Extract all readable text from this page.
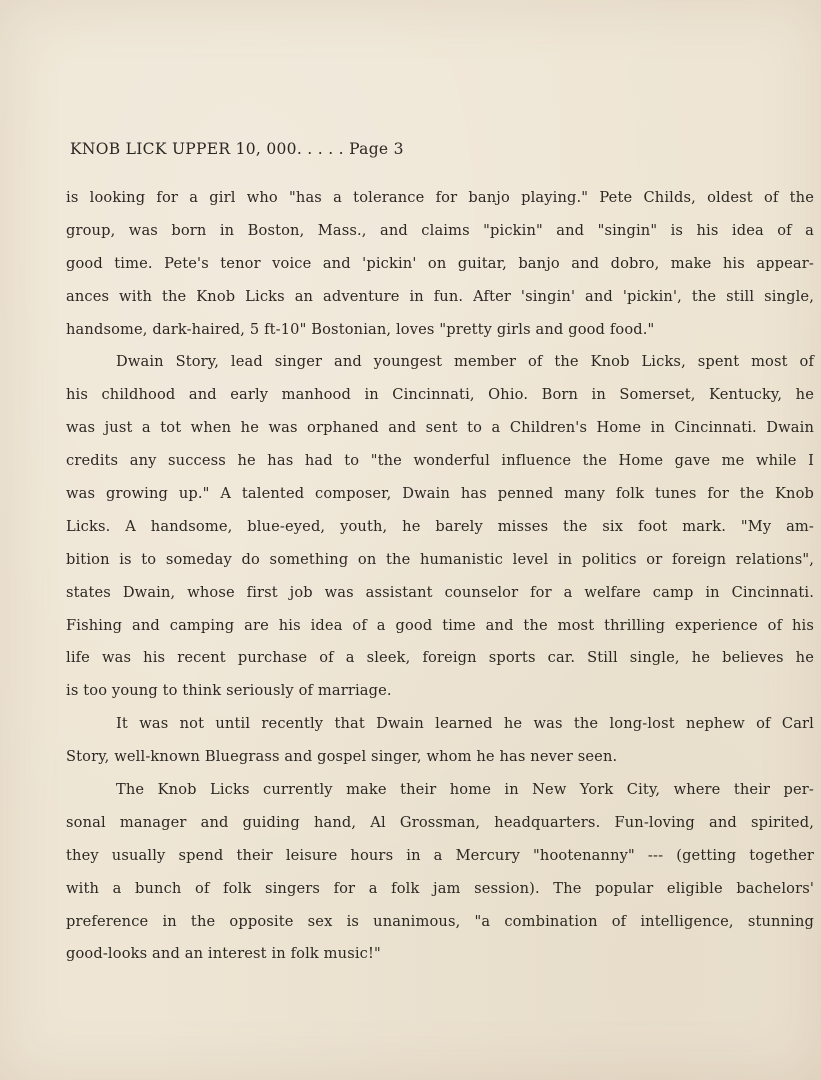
KNOB LICK UPPER 10, 000. . . . . Page 3
is looking for a girl who "has a tolerance for banjo playing." Pete Childs, oldest of the
group, was born in Boston, Mass., and claims "pickin" and "singin" is his idea of a
good time. Pete's tenor voice and 'pickin' on guitar, banjo and dobro, make his appear-
ances with the Knob Licks an adventure in fun. After 'singin' and 'pickin', the still single,
handsome, dark-haired, 5 ft-10" Bostonian, loves "pretty girls and good food."
Dwain Story, lead singer and youngest member of the Knob Licks, spent most of
his childhood and early manhood in Cincinnati, Ohio. Born in Somerset, Kentucky, he
was just a tot when he was orphaned and sent to a Children's Home in Cincinnati. Dwain
credits any success he has had to "the wonderful influence the Home gave me while I
was growing up." A talented composer, Dwain has penned many folk tunes for the Knob
Licks. A handsome, blue-eyed, youth, he barely misses the six foot mark. "My am-
bition is to someday do something on the humanistic level in politics or foreign relations",
states Dwain, whose first job was assistant counselor for a welfare camp in Cincinnati.
Fishing and camping are his idea of a good time and the most thrilling experience of his
life was his recent purchase of a sleek, foreign sports car. Still single, he believes he
is too young to think seriously of marriage.
It was not until recently that Dwain learned he was the long-lost nephew of Carl
Story, well-known Bluegrass and gospel singer, whom he has never seen.
The Knob Licks currently make their home in New York City, where their per-
sonal manager and guiding hand, Al Grossman, headquarters. Fun-loving and spirited,
they usually spend their leisure hours in a Mercury "hootenanny" --- (getting together
with a bunch of folk singers for a folk jam session). The popular eligible bachelors'
preference in the opposite sex is unanimous, "a combination of intelligence, stunning
good-looks and an interest in folk music!"
